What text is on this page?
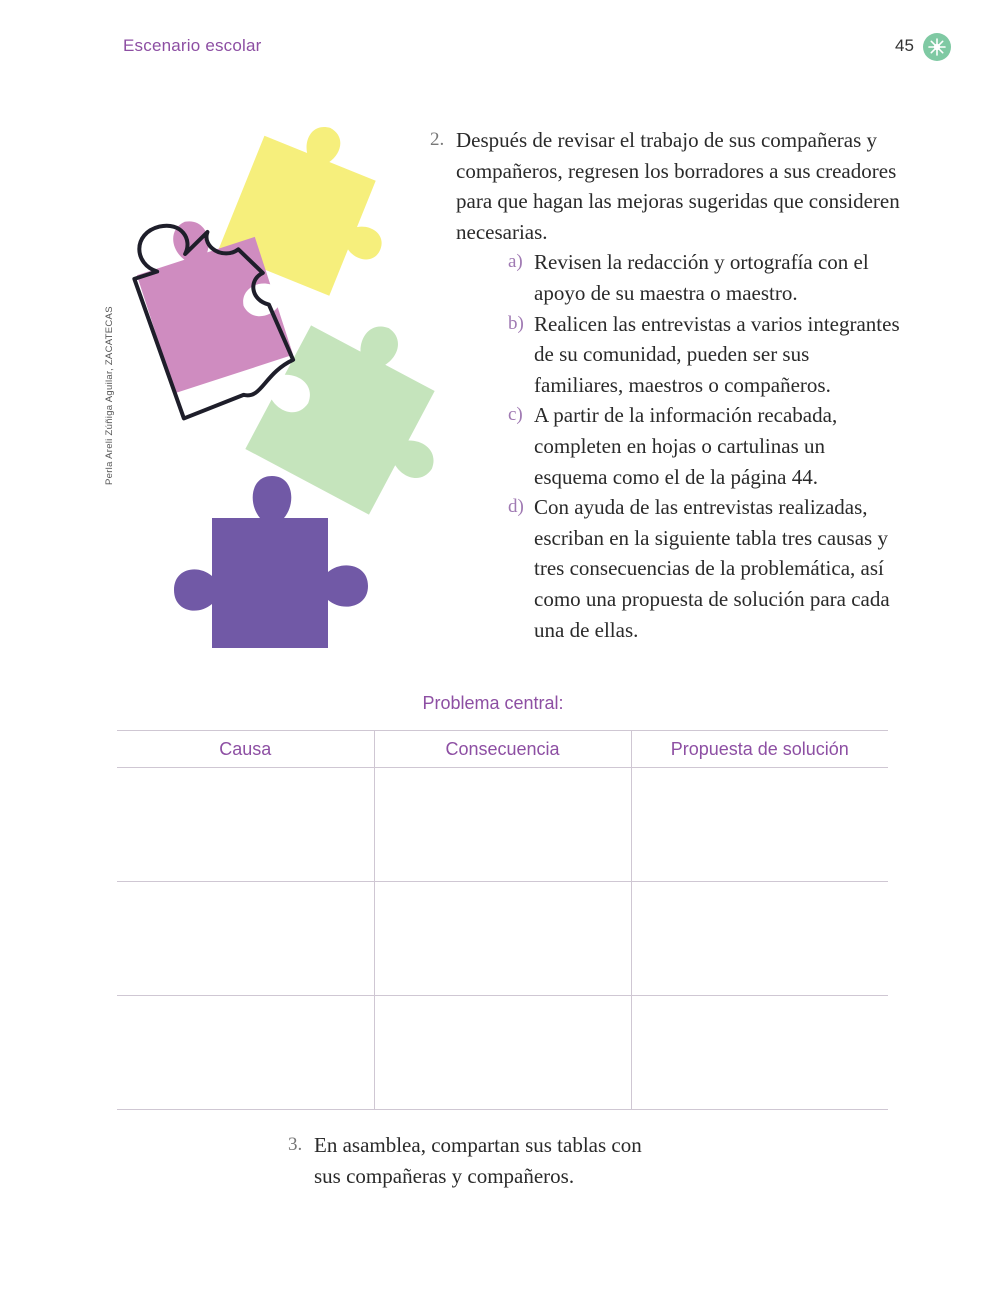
Escenario escolar	45
Perla Areli Zúñiga Aguilar, ZACATECAS
2. Después de revisar el trabajo de sus compañeras y compañeros, regresen los borradores a sus creadores para que hagan las mejoras sugeridas que consideren necesarias.
a) Revisen la redacción y ortografía con el apoyo de su maestra o maestro.
b) Realicen las entrevistas a varios integrantes de su comunidad, pueden ser sus familiares, maestros o compañeros.
c) A partir de la información recabada, completen en hojas o cartulinas un esquema como el de la página 44.
d) Con ayuda de las entrevistas realizadas, escriban en la siguiente tabla tres causas y tres consecuencias de la problemática, así como una propuesta de solución para cada una de ellas.
Problema central:
Causa	Consecuencia	Propuesta de solución

3. En asamblea, compartan sus tablas con sus compañeras y compañeros.
